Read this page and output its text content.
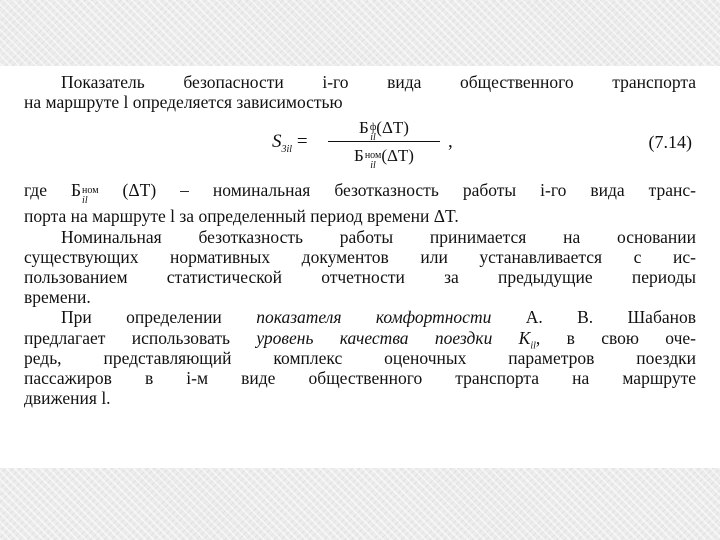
Показатель безопасности i-го вида общественного транспорта
на маршруте l определяется зависимостью
$S_{3il}$ =
Б ф
il
(ΔT)
Б ном
il
(ΔT)
,	(7.14)
где Б ном
il
(ΔT) – номинальная безотказность работы i-го вида транс-
порта на маршруте l за определенный период времени ΔT.
Номинальная безотказность работы принимается на основании
существующих нормативных документов или устанавливается с ис-
пользованием статистической отчетности за предыдущие периоды
времени.
При определении показателя комфортности А. В. Шабанов
предлагает использовать уровень качества поездки $K_{il}$, в свою оче-
редь, представляющий комплекс оценочных параметров поездки
пассажиров в i-м виде общественного транспорта на маршруте
движения l.
